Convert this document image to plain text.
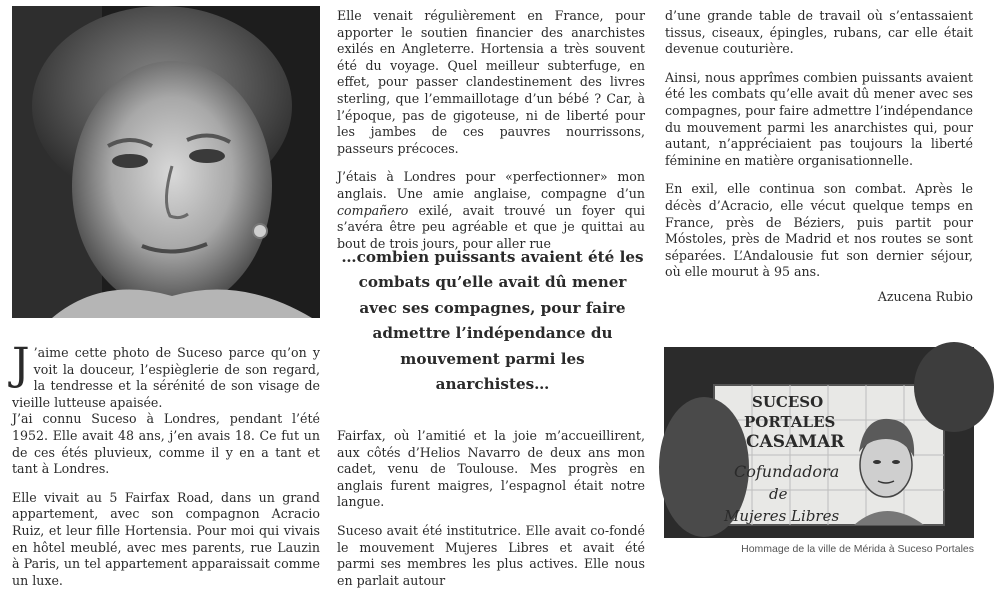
J ’aime cette photo de Suceso parce qu’on y voit la douceur, l’espièglerie de son regard, la tendresse et la sérénité de son visage de vieille lutteuse apaisée.

J’ai connu Suceso à Londres, pendant l’été 1952. Elle avait 48 ans, j’en avais 18. Ce fut un de ces étés pluvieux, comme il y en a tant et tant à Londres.

Elle vivait au 5 Fairfax Road, dans un grand appartement, avec son compagnon Acracio Ruiz, et leur fille Hortensia. Pour moi qui vivais en hôtel meublé, avec mes parents, rue Lauzin à Paris, un tel appartement apparaissait comme un luxe.

Elle venait régulièrement en France, pour apporter le soutien financier des anarchistes exilés en Angleterre. Hortensia a très souvent été du voyage. Quel meilleur subterfuge, en effet, pour passer clandestinement des livres sterling, que l’emmaillotage d’un bébé ? Car, à l’époque, pas de gigoteuse, ni de liberté pour les jambes de ces pauvres nourrissons, passeurs précoces.

J’étais à Londres pour «perfectionner» mon anglais. Une amie anglaise, compagne d’un compañero exilé, avait trouvé un foyer qui s’avéra être peu agréable et que je quittai au bout de trois jours, pour aller rue

…combien puissants avaient été les
combats qu’elle avait dû mener
avec ses compagnes, pour faire
admettre l’indépendance du
mouvement parmi les
anarchistes…

Fairfax, où l’amitié et la joie m’accueillirent, aux côtés d’Helios Navarro de deux ans mon cadet, venu de Toulouse. Mes progrès en anglais furent maigres, l’espagnol était notre langue.

Suceso avait été institutrice. Elle avait co-fondé le mouvement Mujeres Libres et avait été parmi ses membres les plus actives. Elle nous en parlait autour

d’une grande table de travail où s’entassaient tissus, ciseaux, épingles, rubans, car elle était devenue couturière.

Ainsi, nous apprîmes combien puissants avaient été les combats qu’elle avait dû mener avec ses compagnes, pour faire admettre l’indépendance du mouvement parmi les anarchistes qui, pour autant, n’appréciaient pas toujours la liberté féminine en matière organisationnelle.

En exil, elle continua son combat. Après le décès d’Acracio, elle vécut quelque temps en France, près de Béziers, puis partit pour Móstoles, près de Madrid et nos routes se sont séparées. L’Andalousie fut son dernier séjour, où elle mourut à 95 ans.

Azucena Rubio

SUCESO
PORTALES
CASAMAR
Cofundadora
de
Mujeres Libres
Hommage de la ville de Mérida à Suceso Portales
